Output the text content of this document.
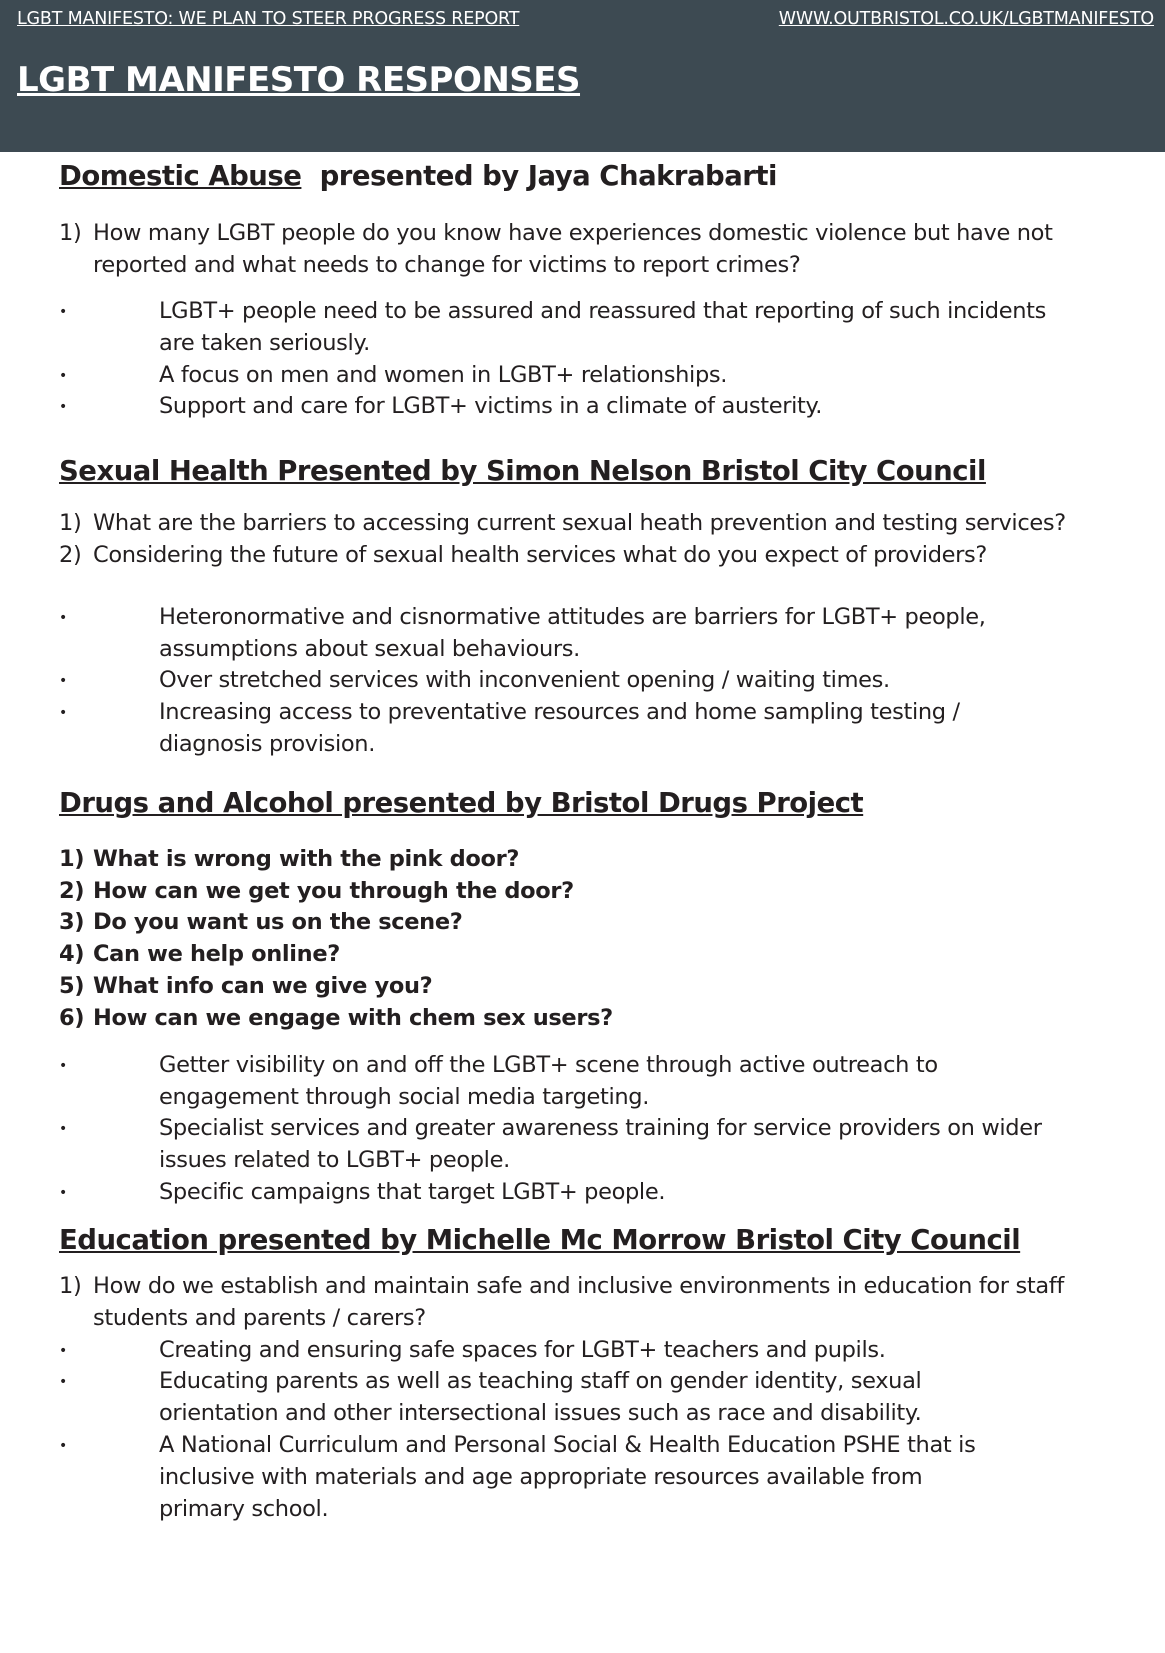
LGBT MANIFESTO: WE PLAN TO STEER PROGRESS REPORT	WWW.OUTBRISTOL.CO.UK/LGBTMANIFESTO
LGBT MANIFESTO RESPONSES
Domestic Abuse  presented by Jaya Chakrabarti
1) How many LGBT people do you know have experiences domestic violence but have not
reported and what needs to change for victims to report crimes?
•	LGBT+ people need to be assured and reassured that reporting of such incidents
are taken seriously.
•	A focus on men and women in LGBT+ relationships.
•	Support and care for LGBT+ victims in a climate of austerity.
Sexual Health Presented by Simon Nelson Bristol City Council
1) What are the barriers to accessing current sexual heath prevention and testing services?
2) Considering the future of sexual health services what do you expect of providers?
•	Heteronormative and cisnormative attitudes are barriers for LGBT+ people,
assumptions about sexual behaviours.
•	Over stretched services with inconvenient opening / waiting times.
•	Increasing access to preventative resources and home sampling testing /
diagnosis provision.
Drugs and Alcohol presented by Bristol Drugs Project
1) What is wrong with the pink door?
2) How can we get you through the door?
3) Do you want us on the scene?
4) Can we help online?
5) What info can we give you?
6) How can we engage with chem sex users?
•	Getter visibility on and off the LGBT+ scene through active outreach to
engagement through social media targeting.
•	Specialist services and greater awareness training for service providers on wider
issues related to LGBT+ people.
•	Specific campaigns that target LGBT+ people.
Education presented by Michelle Mc Morrow Bristol City Council
1) How do we establish and maintain safe and inclusive environments in education for staff
students and parents / carers?
•	Creating and ensuring safe spaces for LGBT+ teachers and pupils.
•	Educating parents as well as teaching staff on gender identity, sexual
orientation and other intersectional issues such as race and disability.
•	A National Curriculum and Personal Social & Health Education PSHE that is
inclusive with materials and age appropriate resources available from
primary school.
